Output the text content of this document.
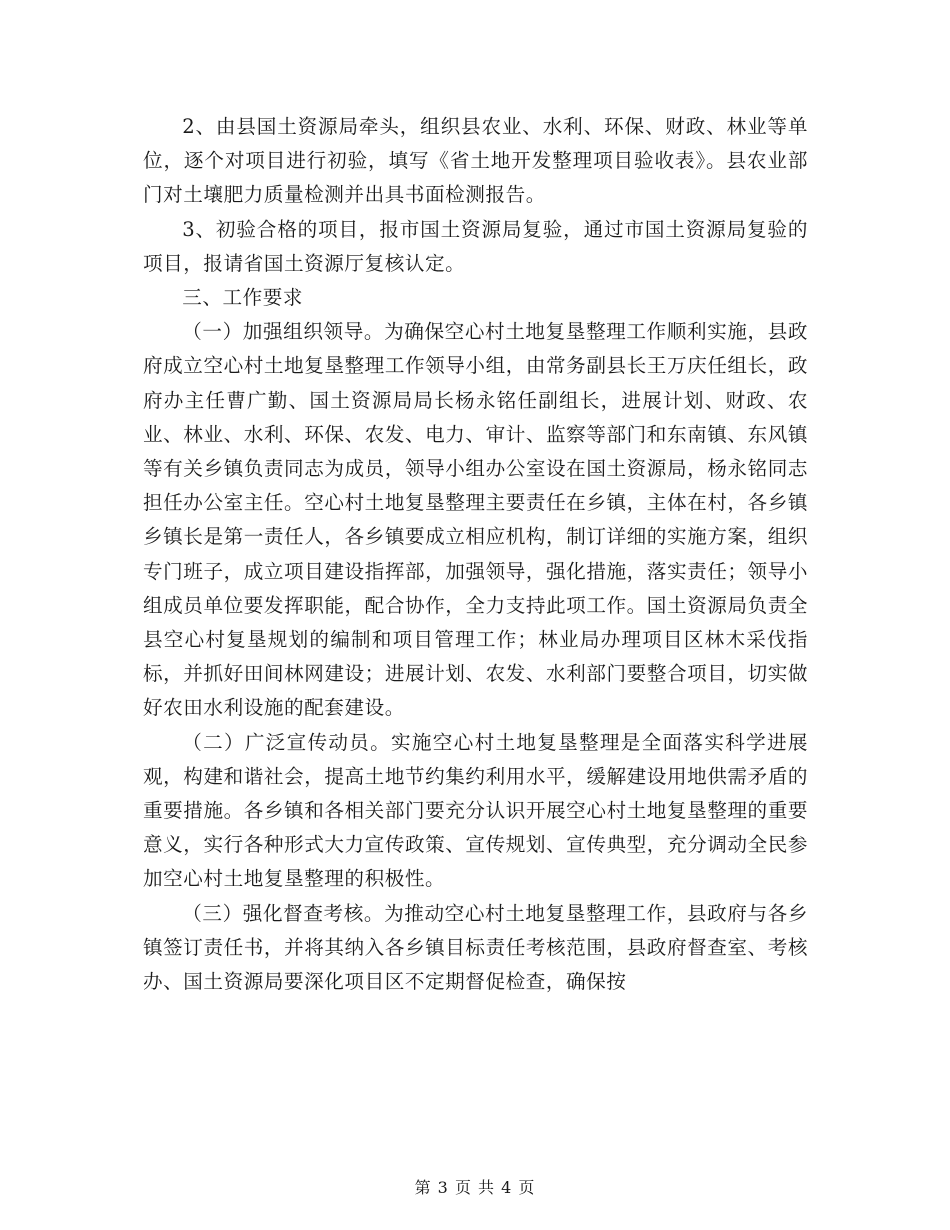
2、由县国土资源局牵头，组织县农业、水利、环保、财政、林业等单位，逐个对项目进行初验，填写《省土地开发整理项目验收表》。县农业部门对土壤肥力质量检测并出具书面检测报告。

3、初验合格的项目，报市国土资源局复验，通过市国土资源局复验的项目，报请省国土资源厅复核认定。

三、工作要求

（一）加强组织领导。为确保空心村土地复垦整理工作顺利实施，县政府成立空心村土地复垦整理工作领导小组，由常务副县长王万庆任组长，政府办主任曹广勤、国土资源局局长杨永铭任副组长，进展计划、财政、农业、林业、水利、环保、农发、电力、审计、监察等部门和东南镇、东风镇等有关乡镇负责同志为成员，领导小组办公室设在国土资源局，杨永铭同志担任办公室主任。空心村土地复垦整理主要责任在乡镇，主体在村，各乡镇乡镇长是第一责任人，各乡镇要成立相应机构，制订详细的实施方案，组织专门班子，成立项目建设指挥部，加强领导，强化措施，落实责任；领导小组成员单位要发挥职能，配合协作，全力支持此项工作。国土资源局负责全县空心村复垦规划的编制和项目管理工作；林业局办理项目区林木采伐指标，并抓好田间林网建设；进展计划、农发、水利部门要整合项目，切实做好农田水利设施的配套建设。

（二）广泛宣传动员。实施空心村土地复垦整理是全面落实科学进展观，构建和谐社会，提高土地节约集约利用水平，缓解建设用地供需矛盾的重要措施。各乡镇和各相关部门要充分认识开展空心村土地复垦整理的重要意义，实行各种形式大力宣传政策、宣传规划、宣传典型，充分调动全民参加空心村土地复垦整理的积极性。

（三）强化督查考核。为推动空心村土地复垦整理工作，县政府与各乡镇签订责任书，并将其纳入各乡镇目标责任考核范围，县政府督查室、考核办、国土资源局要深化项目区不定期督促检查，确保按

第 3 页 共 4 页
